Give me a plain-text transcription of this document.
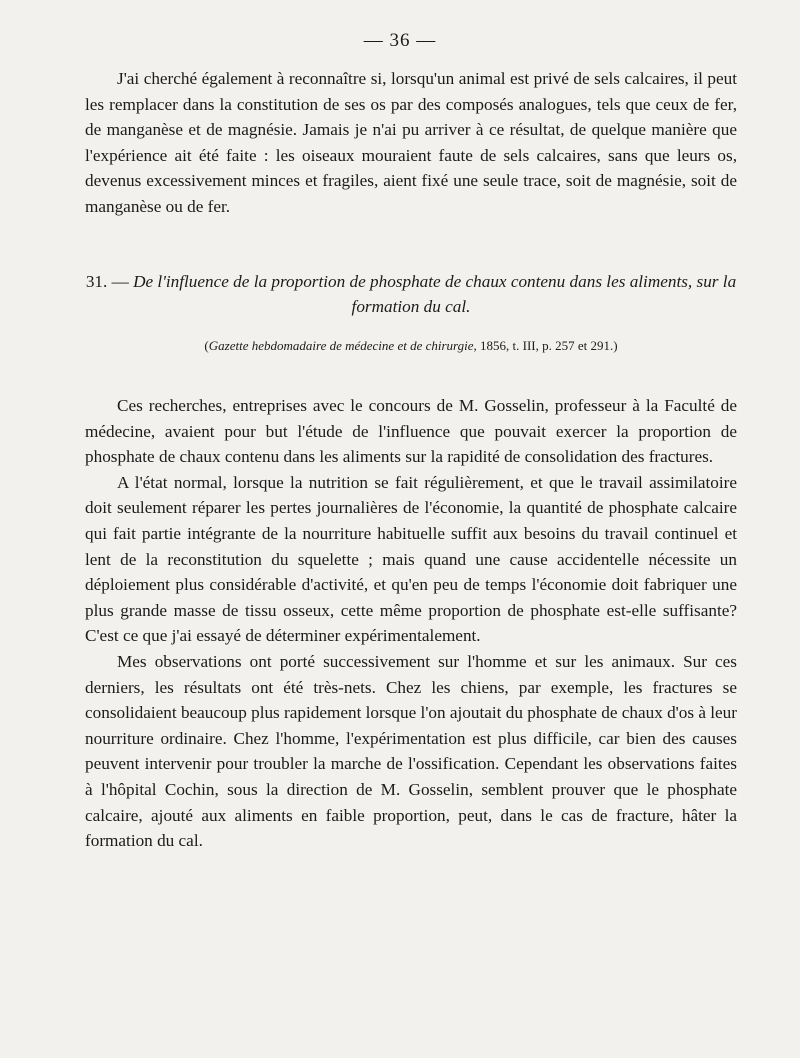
— 36 —

J'ai cherché également à reconnaître si, lorsqu'un animal est privé de sels calcaires, il peut les remplacer dans la constitution de ses os par des composés analogues, tels que ceux de fer, de manganèse et de magnésie. Jamais je n'ai pu arriver à ce résultat, de quelque manière que l'expérience ait été faite : les oiseaux mouraient faute de sels calcaires, sans que leurs os, devenus excessivement minces et fragiles, aient fixé une seule trace, soit de magnésie, soit de manganèse ou de fer.

31. — De l'influence de la proportion de phosphate de chaux contenu dans les aliments, sur la formation du cal.
(Gazette hebdomadaire de médecine et de chirurgie, 1856, t. III, p. 257 et 291.)

Ces recherches, entreprises avec le concours de M. Gosselin, professeur à la Faculté de médecine, avaient pour but l'étude de l'influence que pouvait exercer la proportion de phosphate de chaux contenu dans les aliments sur la rapidité de consolidation des fractures.

A l'état normal, lorsque la nutrition se fait régulièrement, et que le travail assimilatoire doit seulement réparer les pertes journalières de l'économie, la quantité de phosphate calcaire qui fait partie intégrante de la nourriture habituelle suffit aux besoins du travail continuel et lent de la reconstitution du squelette ; mais quand une cause accidentelle nécessite un déploiement plus considérable d'activité, et qu'en peu de temps l'économie doit fabriquer une plus grande masse de tissu osseux, cette même proportion de phosphate est-elle suffisante? C'est ce que j'ai essayé de déterminer expérimentalement.

Mes observations ont porté successivement sur l'homme et sur les animaux. Sur ces derniers, les résultats ont été très-nets. Chez les chiens, par exemple, les fractures se consolidaient beaucoup plus rapidement lorsque l'on ajoutait du phosphate de chaux d'os à leur nourriture ordinaire. Chez l'homme, l'expérimentation est plus difficile, car bien des causes peuvent intervenir pour troubler la marche de l'ossification. Cependant les observations faites à l'hôpital Cochin, sous la direction de M. Gosselin, semblent prouver que le phosphate calcaire, ajouté aux aliments en faible proportion, peut, dans le cas de fracture, hâter la formation du cal.
